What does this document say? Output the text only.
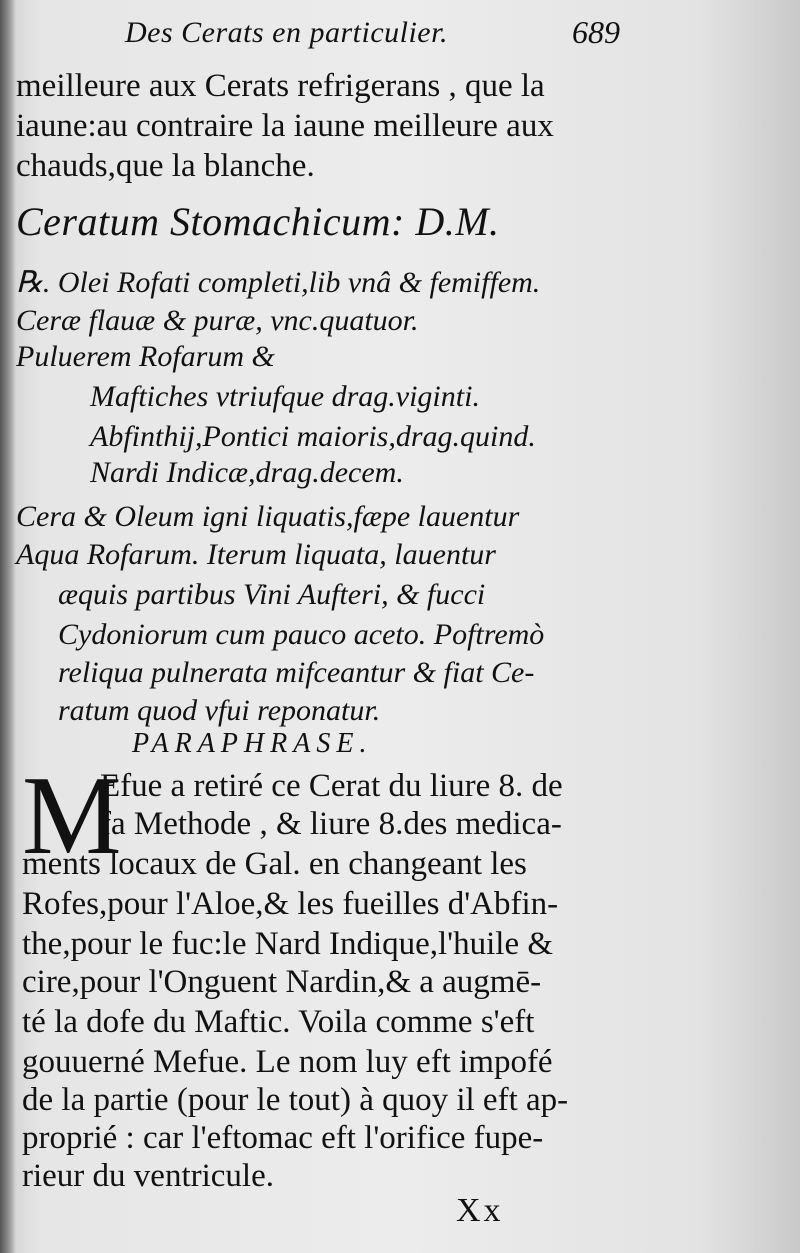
Des Cerats en particulier.	689
meilleure aux Cerats refrigerans , que la
iaune:au contraire la iaune meilleure aux
chauds,que la blanche.
Ceratum Stomachicum: D.M.
℞. Olei Rofati completi,lib vnâ & femiffem.
Ceræ flauæ & puræ, vnc.quatuor.
Puluerem Rofarum &
Maftiches vtriufque drag.viginti.
Abfinthij,Pontici maioris,drag.quind.
Nardi Indicæ,drag.decem.
Cera & Oleum igni liquatis,fæpe lauentur
Aqua Rofarum. Iterum liquata, lauentur
æquis partibus Vini Aufteri, & fucci
Cydoniorum cum pauco aceto. Poftremò
reliqua pulnerata mifceantur & fiat Ce-
ratum quod vfui reponatur.
PARAPHRASE.
M
Efue a retiré ce Cerat du liure 8. de
fa Methode , & liure 8.des medica-
ments locaux de Gal. en changeant les
Rofes,pour l'Aloe,& les fueilles d'Abfin-
the,pour le fuc:le Nard Indique,l'huile &
cire,pour l'Onguent Nardin,& a augmē-
té la dofe du Maftic. Voila comme s'eft
gouuerné Mefue. Le nom luy eft impofé
de la partie (pour le tout) à quoy il eft ap-
proprié : car l'eftomac eft l'orifice fupe-
rieur du ventricule.
Xx
